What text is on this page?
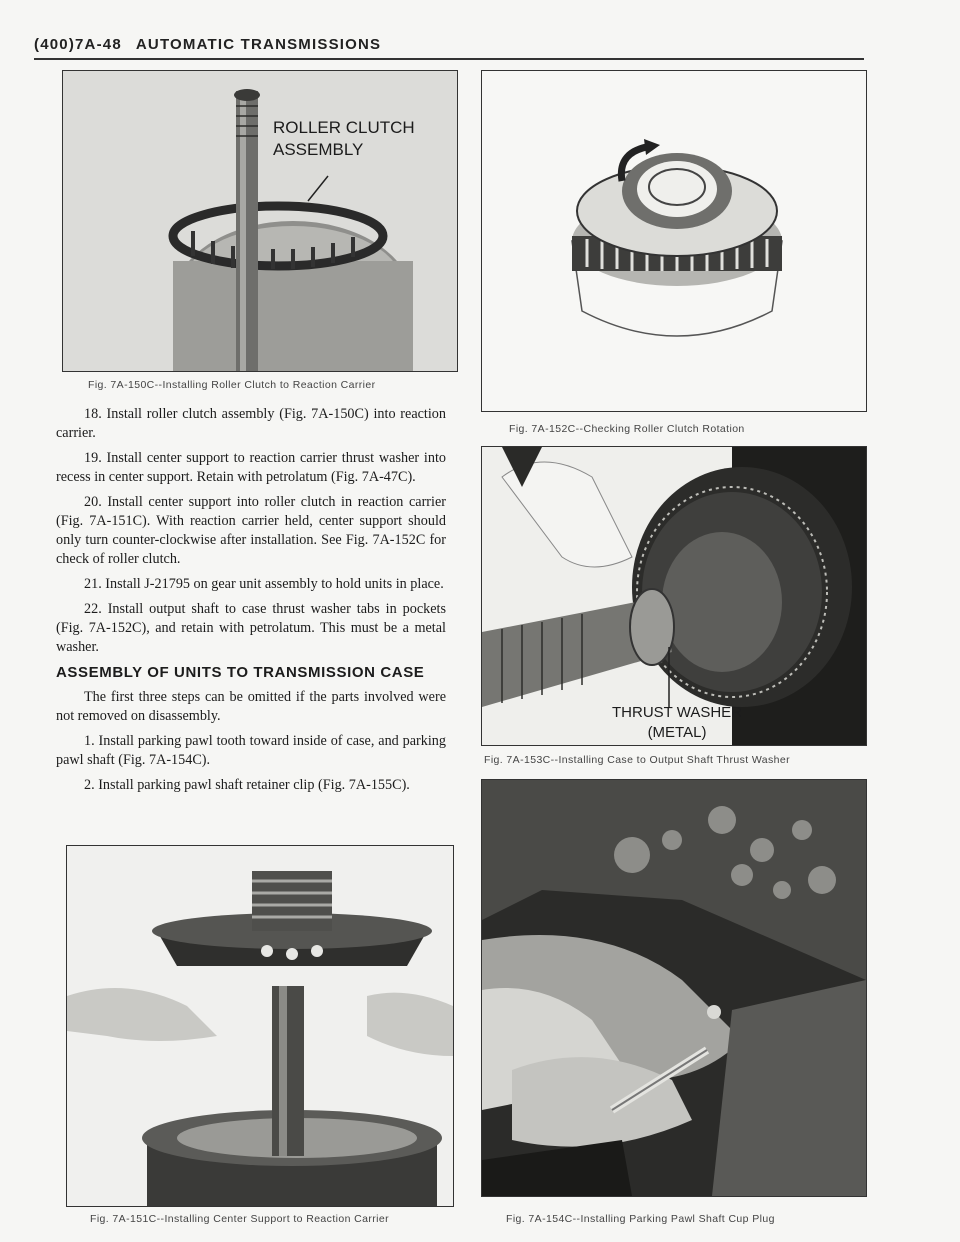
(400)7A-48 AUTOMATIC TRANSMISSIONS
ROLLER CLUTCH
ASSEMBLY
Fig. 7A-150C--Installing Roller Clutch to Reaction Carrier

18. Install roller clutch assembly (Fig. 7A-150C) into reaction carrier.

19. Install center support to reaction carrier thrust washer into recess in center support. Retain with petrolatum (Fig. 7A-47C).

20. Install center support into roller clutch in reaction carrier (Fig. 7A-151C). With reaction carrier held, center support should only turn counter-clockwise after installation. See Fig. 7A-152C for check of roller clutch.

21. Install J-21795 on gear unit assembly to hold units in place.

22. Install output shaft to case thrust washer tabs in pockets (Fig. 7A-152C), and retain with petrolatum. This must be a metal washer.

ASSEMBLY OF UNITS TO TRANSMISSION CASE

The first three steps can be omitted if the parts involved were not removed on disassembly.

1. Install parking pawl tooth toward inside of case, and parking pawl shaft (Fig. 7A-154C).

2. Install parking pawl shaft retainer clip (Fig. 7A-155C).

Fig. 7A-151C--Installing Center Support to Reaction Carrier
Fig. 7A-152C--Checking Roller Clutch Rotation
THRUST WASHER
(METAL)
Fig. 7A-153C--Installing Case to Output Shaft Thrust Washer
Fig. 7A-154C--Installing Parking Pawl Shaft Cup Plug
